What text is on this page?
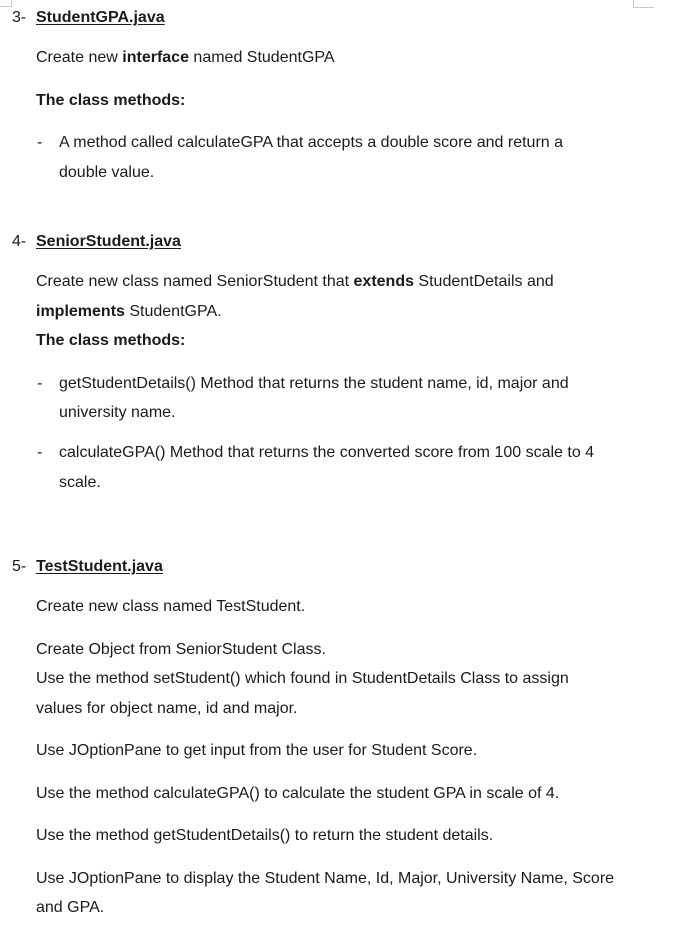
3- StudentGPA.java
Create new interface named StudentGPA
The class methods:
- A method called calculateGPA that accepts a double score and return a
double value.
4- SeniorStudent.java
Create new class named SeniorStudent that extends StudentDetails and
implements StudentGPA.
The class methods:
- getStudentDetails() Method that returns the student name, id, major and
university name.
- calculateGPA() Method that returns the converted score from 100 scale to 4
scale.
5- TestStudent.java
Create new class named TestStudent.
Create Object from SeniorStudent Class.
Use the method setStudent() which found in StudentDetails Class to assign
values for object name, id and major.
Use JOptionPane to get input from the user for Student Score.
Use the method calculateGPA() to calculate the student GPA in scale of 4.
Use the method getStudentDetails() to return the student details.
Use JOptionPane to display the Student Name, Id, Major, University Name, Score
and GPA.
